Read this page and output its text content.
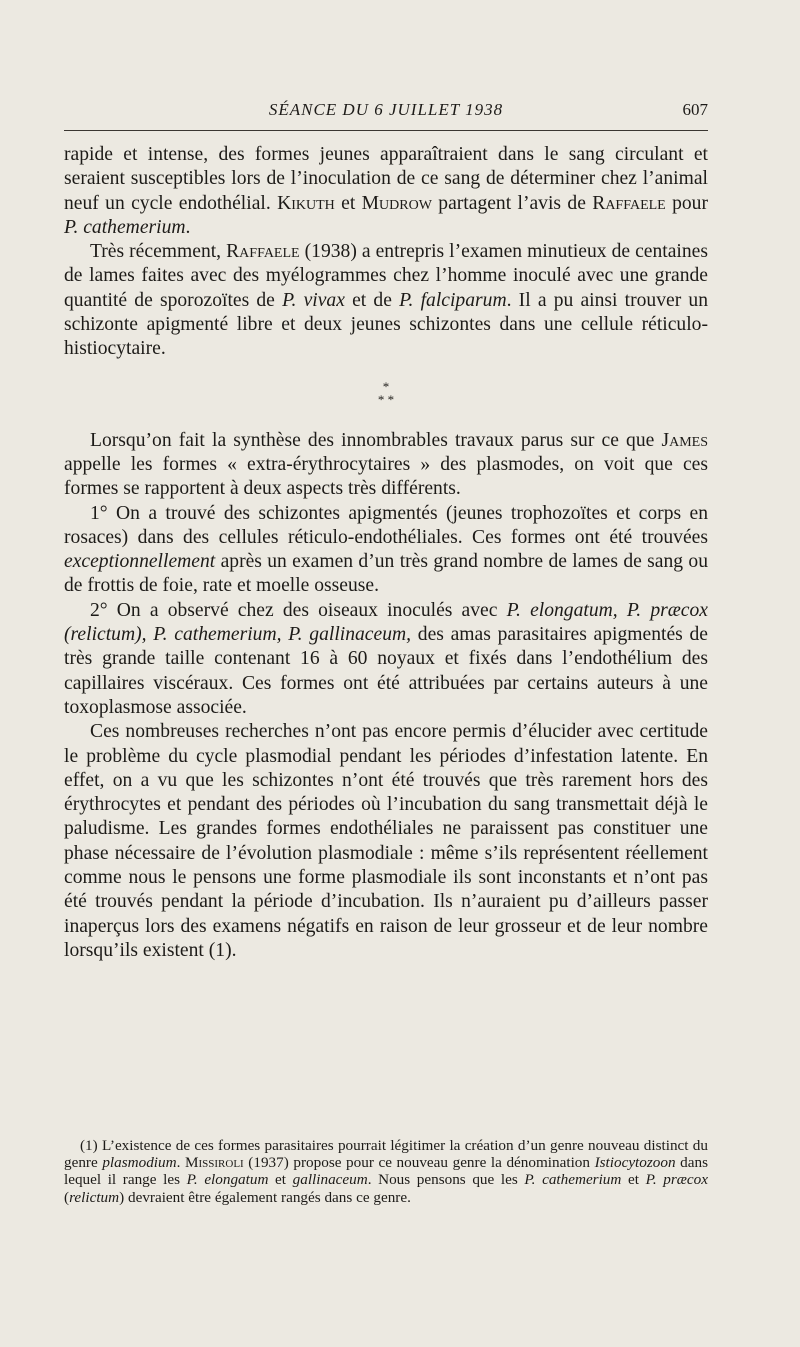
SÉANCE DU 6 JUILLET 1938	607

rapide et intense, des formes jeunes apparaîtraient dans le sang circulant et seraient susceptibles lors de l’inoculation de ce sang de déterminer chez l’animal neuf un cycle endothélial. Kikuth et Mudrow partagent l’avis de Raffaele pour P. cathemerium.

Très récemment, Raffaele (1938) a entrepris l’examen minutieux de centaines de lames faites avec des myélogrammes chez l’homme inoculé avec une grande quantité de sporozoïtes de P. vivax et de P. falciparum. Il a pu ainsi trouver un schizonte apigmenté libre et deux jeunes schizontes dans une cellule réticulo-histiocytaire.

*
* *

Lorsqu’on fait la synthèse des innombrables travaux parus sur ce que James appelle les formes « extra-érythrocytaires » des plasmodes, on voit que ces formes se rapportent à deux aspects très différents.

1° On a trouvé des schizontes apigmentés (jeunes trophozoïtes et corps en rosaces) dans des cellules réticulo-endothéliales. Ces formes ont été trouvées exceptionnellement après un examen d’un très grand nombre de lames de sang ou de frottis de foie, rate et moelle osseuse.

2° On a observé chez des oiseaux inoculés avec P. elongatum, P. præcox (relictum), P. cathemerium, P. gallinaceum, des amas parasitaires apigmentés de très grande taille contenant 16 à 60 noyaux et fixés dans l’endothélium des capillaires viscéraux. Ces formes ont été attribuées par certains auteurs à une toxoplasmose associée.

Ces nombreuses recherches n’ont pas encore permis d’élucider avec certitude le problème du cycle plasmodial pendant les périodes d’infestation latente. En effet, on a vu que les schizontes n’ont été trouvés que très rarement hors des érythrocytes et pendant des périodes où l’incubation du sang transmettait déjà le paludisme. Les grandes formes endothéliales ne paraissent pas constituer une phase nécessaire de l’évolution plasmodiale : même s’ils représentent réellement comme nous le pensons une forme plasmodiale ils sont inconstants et n’ont pas été trouvés pendant la période d’incubation. Ils n’auraient pu d’ailleurs passer inaperçus lors des examens négatifs en raison de leur grosseur et de leur nombre lorsqu’ils existent (1).

(1) L’existence de ces formes parasitaires pourrait légitimer la création d’un genre nouveau distinct du genre plasmodium. Missiroli (1937) propose pour ce nouveau genre la dénomination Istiocytozoon dans lequel il range les P. elongatum et gallinaceum. Nous pensons que les P. cathemerium et P. præcox (relictum) devraient être également rangés dans ce genre.
